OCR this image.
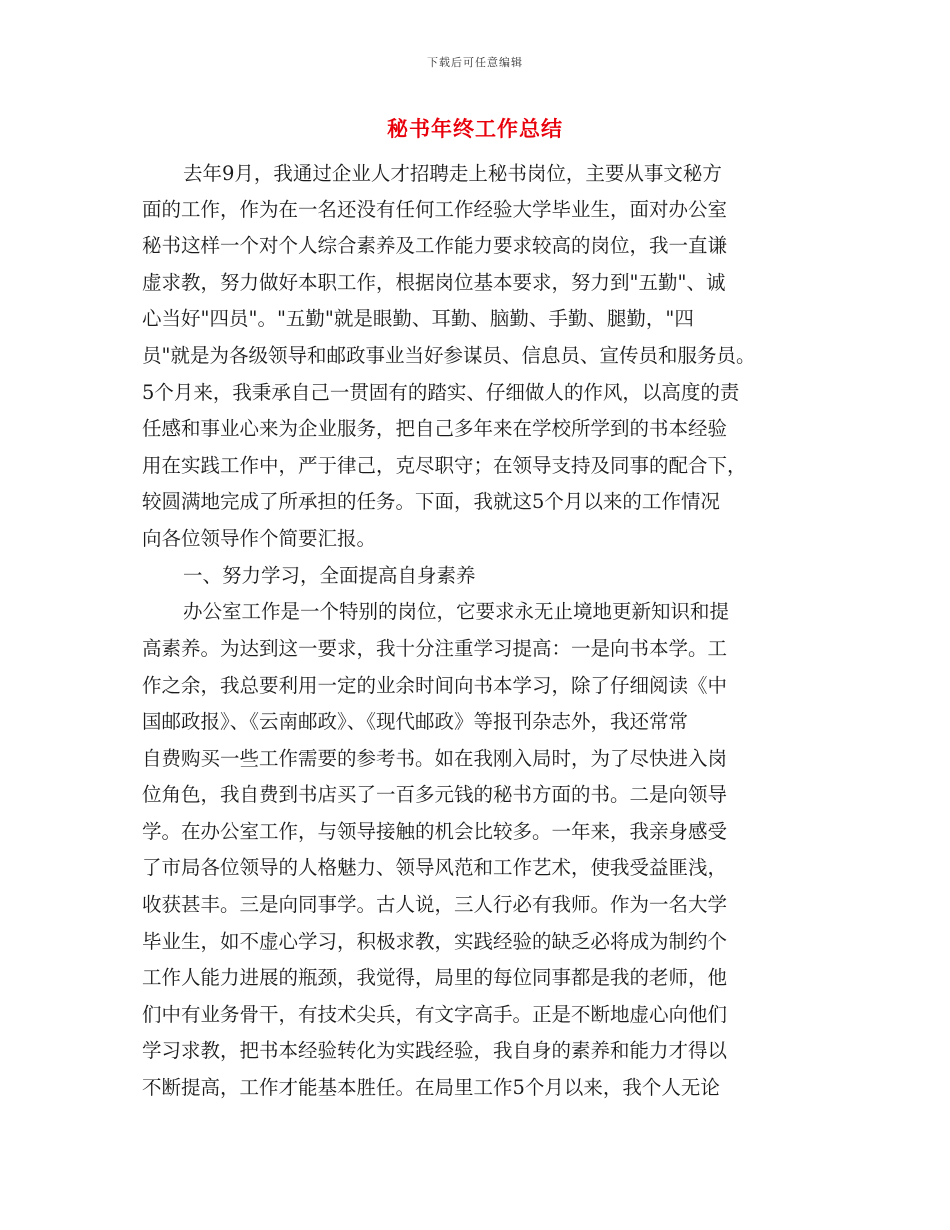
下载后可任意编辑
秘书年终工作总结
去年9月，我通过企业人才招聘走上秘书岗位，主要从事文秘方
面的工作，作为在一名还没有任何工作经验大学毕业生，面对办公室
秘书这样一个对个人综合素养及工作能力要求较高的岗位，我一直谦
虚求教，努力做好本职工作，根据岗位基本要求，努力到"五勤"、诚
心当好"四员"。"五勤"就是眼勤、耳勤、脑勤、手勤、腿勤，"四
员"就是为各级领导和邮政事业当好参谋员、信息员、宣传员和服务员。
5个月来，我秉承自己一贯固有的踏实、仔细做人的作风，以高度的责
任感和事业心来为企业服务，把自己多年来在学校所学到的书本经验
用在实践工作中，严于律己，克尽职守；在领导支持及同事的配合下，
较圆满地完成了所承担的任务。下面，我就这5个月以来的工作情况
向各位领导作个简要汇报。
一、努力学习，全面提高自身素养
办公室工作是一个特别的岗位，它要求永无止境地更新知识和提
高素养。为达到这一要求，我十分注重学习提高：一是向书本学。工
作之余，我总要利用一定的业余时间向书本学习，除了仔细阅读《中
国邮政报》、《云南邮政》、《现代邮政》等报刊杂志外，我还常常
自费购买一些工作需要的参考书。如在我刚入局时，为了尽快进入岗
位角色，我自费到书店买了一百多元钱的秘书方面的书。二是向领导
学。在办公室工作，与领导接触的机会比较多。一年来，我亲身感受
了市局各位领导的人格魅力、领导风范和工作艺术，使我受益匪浅，
收获甚丰。三是向同事学。古人说，三人行必有我师。作为一名大学
毕业生，如不虚心学习，积极求教，实践经验的缺乏必将成为制约个
工作人能力进展的瓶颈，我觉得，局里的每位同事都是我的老师，他
们中有业务骨干，有技术尖兵，有文字高手。正是不断地虚心向他们
学习求教，把书本经验转化为实践经验，我自身的素养和能力才得以
不断提高，工作才能基本胜任。在局里工作5个月以来，我个人无论
